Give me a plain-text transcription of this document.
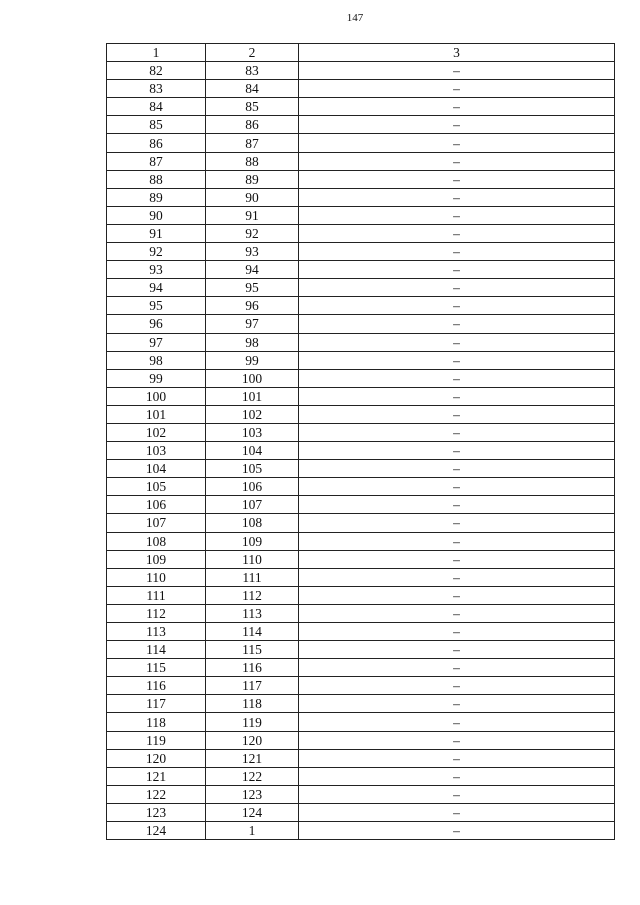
147
1	2	3
82	83	–
83	84	–
84	85	–
85	86	–
86	87	–
87	88	–
88	89	–
89	90	–
90	91	–
91	92	–
92	93	–
93	94	–
94	95	–
95	96	–
96	97	–
97	98	–
98	99	–
99	100	–
100	101	–
101	102	–
102	103	–
103	104	–
104	105	–
105	106	–
106	107	–
107	108	–
108	109	–
109	110	–
110	111	–
111	112	–
112	113	–
113	114	–
114	115	–
115	116	–
116	117	–
117	118	–
118	119	–
119	120	–
120	121	–
121	122	–
122	123	–
123	124	–
124	1	–
